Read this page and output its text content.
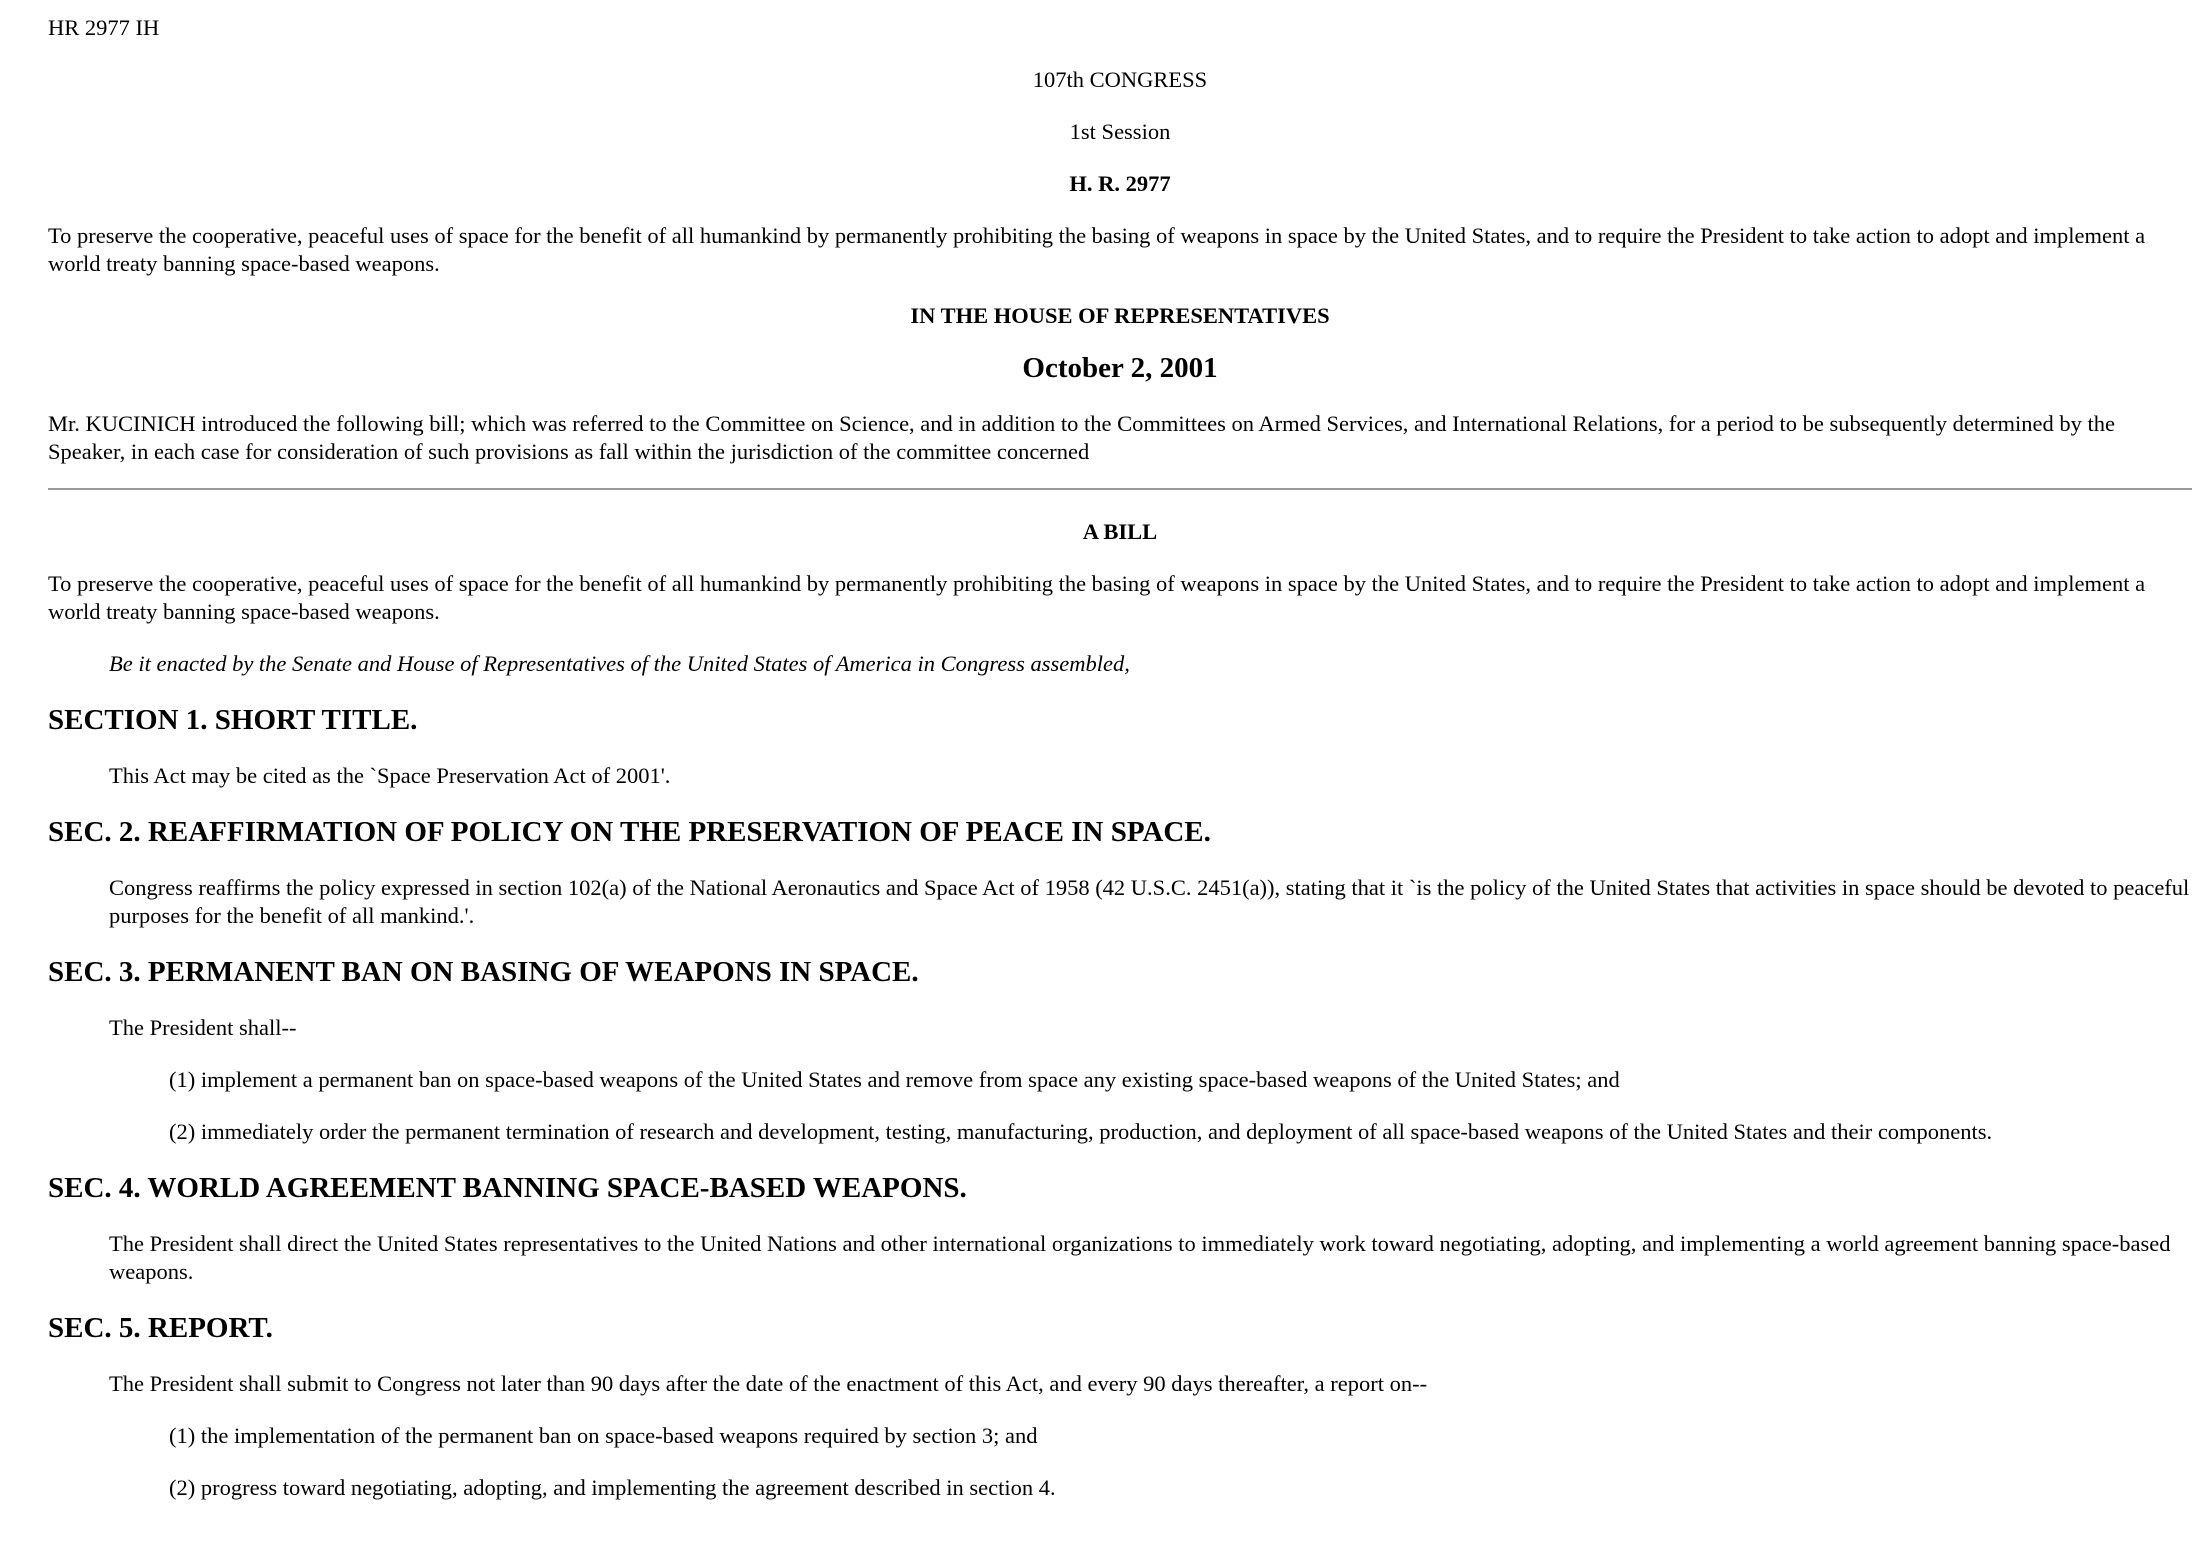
HR 2977 IH

107th CONGRESS

1st Session

H. R. 2977

To preserve the cooperative, peaceful uses of space for the benefit of all humankind by permanently prohibiting the basing of weapons in space by the United States, and to require the President to take action to adopt and implement a world treaty banning space-based weapons.

IN THE HOUSE OF REPRESENTATIVES

October 2, 2001

Mr. KUCINICH introduced the following bill; which was referred to the Committee on Science, and in addition to the Committees on Armed Services, and International Relations, for a period to be subsequently determined by the Speaker, in each case for consideration of such provisions as fall within the jurisdiction of the committee concerned

A BILL

To preserve the cooperative, peaceful uses of space for the benefit of all humankind by permanently prohibiting the basing of weapons in space by the United States, and to require the President to take action to adopt and implement a world treaty banning space-based weapons.

Be it enacted by the Senate and House of Representatives of the United States of America in Congress assembled,

SECTION 1. SHORT TITLE.

This Act may be cited as the `Space Preservation Act of 2001'.

SEC. 2. REAFFIRMATION OF POLICY ON THE PRESERVATION OF PEACE IN SPACE.

Congress reaffirms the policy expressed in section 102(a) of the National Aeronautics and Space Act of 1958 (42 U.S.C. 2451(a)), stating that it `is the policy of the United States that activities in space should be devoted to peaceful purposes for the benefit of all mankind.'.

SEC. 3. PERMANENT BAN ON BASING OF WEAPONS IN SPACE.

The President shall--

(1) implement a permanent ban on space-based weapons of the United States and remove from space any existing space-based weapons of the United States; and

(2) immediately order the permanent termination of research and development, testing, manufacturing, production, and deployment of all space-based weapons of the United States and their components.

SEC. 4. WORLD AGREEMENT BANNING SPACE-BASED WEAPONS.

The President shall direct the United States representatives to the United Nations and other international organizations to immediately work toward negotiating, adopting, and implementing a world agreement banning space-based weapons.

SEC. 5. REPORT.

The President shall submit to Congress not later than 90 days after the date of the enactment of this Act, and every 90 days thereafter, a report on--

(1) the implementation of the permanent ban on space-based weapons required by section 3; and

(2) progress toward negotiating, adopting, and implementing the agreement described in section 4.
